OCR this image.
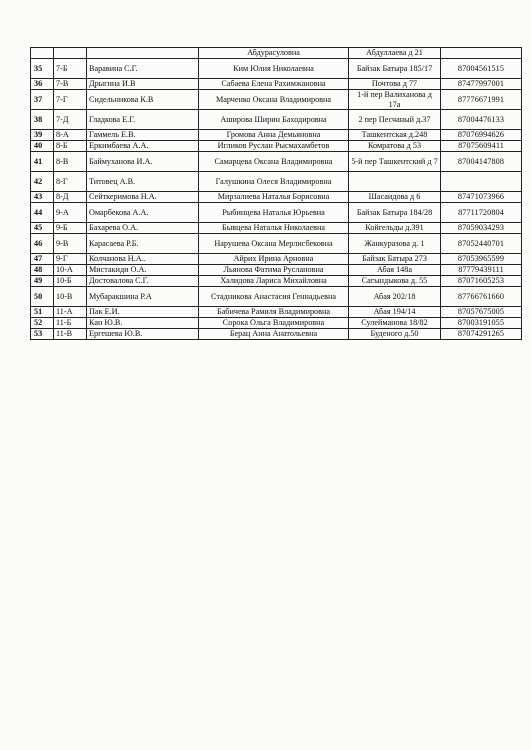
			Абдурасуловна	Абдуллаева д 21	
35	7-Б	Варавина С.Г.	Ким Юлия Николаевна	Байзак Батыра 185/17	87004561515
36	7-В	Дрыгина И.В	Сабаева Елена Рахимжановна	Почтова д 77	87477997001
37	7-Г	Сидельникова К.В	Марченко Оксана Владимировна	1-й пер Валиханова д 17а	87776671991
38	7-Д	Гладкова Е.Г.	Аширова Ширин Баходировна	2 пер Песчаный д.37	87004476133
39	8-А	Гаммель Е.В.	Громова Анна Демьяновна	Ташкентская д.248	87076994626
40	8-Б	Еркимбаева А.А.	Игликов Руслан Рысмахамбетов	Комратова д 53	87075609411
41	8-В	Баймуханова И.А.	Самарцева Оксана Владимировна	5-й пер Ташкентский д 7	87004147808
42	8-Г	Титовец А.В.	Галушкина Олеся Владимировна		
43	8-Д	Сейткеримова Н.А.	Мирзалиева Наталья Борисовна	Шасаидова д 6	87471073966
44	9-А	Омарбекова А.А.	Рыбинцева Наталья Юрьевна	Байзак Батыра 184/28	87711720804
45	9-Б	Бахарева О.А.	Бывцева Наталья Николаевна	Койгельды д.391	87059034293
46	9-В	Карасаева Р.Б.	Нарушева Оксана Мерлисбековна	Жанкуразова д. 1	87052440701
47	9-Г	Колчанова Н.А..	Айрих Ирина Арновна	Байзак Батыра 273	87053965599
48	10-А	Мистакиди О.А.	Льянова Фатима Руслановна	Абая 148а	87779439111
49	10-Б	Достовалова С.Г.	Халидова Лариса Михайловна	Сагындыкова д. 55	87071605253
50	10-В	Мубаракшина Р.А	Стадникова Анастасия Геннадьевна	Абая 202/18	87766761660
51	11-А	Пак Е.И.	Бабичева Рамиля Владимировна	Абая 194/14	87057675005
52	11-Б	Кан Ю.В.	Сорока Ольга Владимировна	Сулейманова 18/82	87003191055
53	11-В	Ергешева Ю.В.	Берац Анна Анатольевна	Буденого д.50	87074291265
